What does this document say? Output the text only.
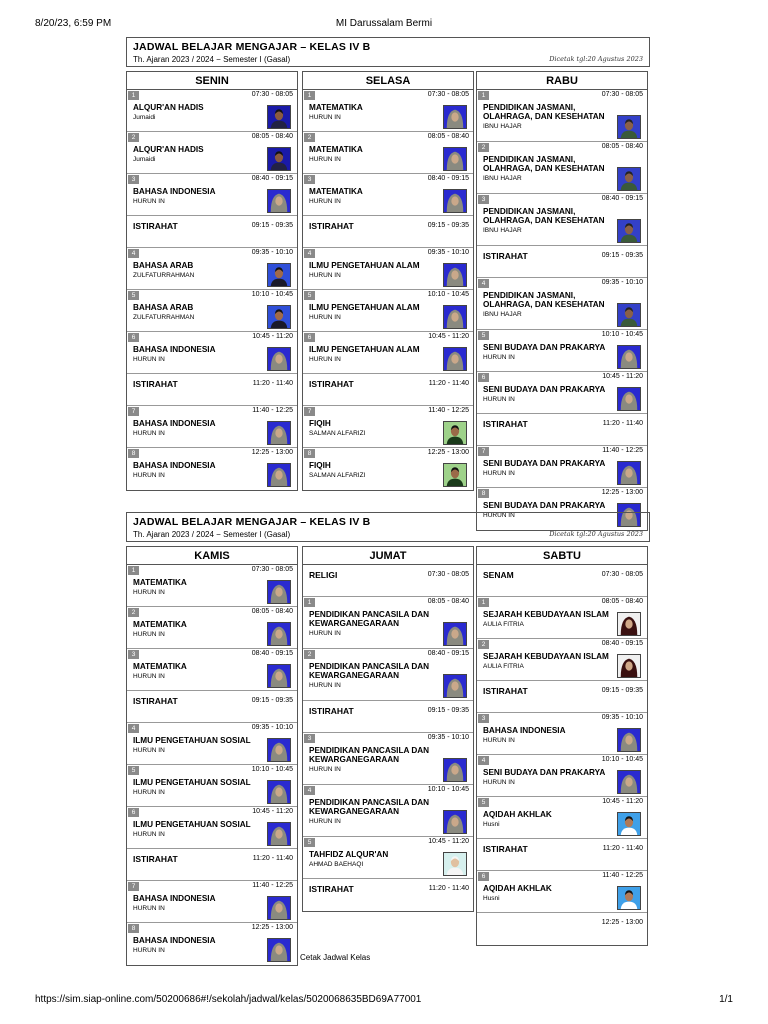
8/20/23, 6:59 PM	MI Darussalam Bermi
JADWAL BELAJAR MENGAJAR – KELAS IV B
Th. Ajaran 2023 / 2024 − Semester I (Gasal)	Dicetak tgl:20 Agustus 2023
SENIN
1	07:30 - 08:05
ALQUR'AN HADIS
Jumaidi
2	08:05 - 08:40
ALQUR'AN HADIS
Jumaidi
3	08:40 - 09:15
BAHASA INDONESIA
HURUN IN
09:15 - 09:35
ISTIRAHAT
4	09:35 - 10:10
BAHASA ARAB
ZULFATURRAHMAN
5	10:10 - 10:45
BAHASA ARAB
ZULFATURRAHMAN
6	10:45 - 11:20
BAHASA INDONESIA
HURUN IN
11:20 - 11:40
ISTIRAHAT
7	11:40 - 12:25
BAHASA INDONESIA
HURUN IN
8	12:25 - 13:00
BAHASA INDONESIA
HURUN IN
SELASA
1	07:30 - 08:05
MATEMATIKA
HURUN IN
2	08:05 - 08:40
MATEMATIKA
HURUN IN
3	08:40 - 09:15
MATEMATIKA
HURUN IN
09:15 - 09:35
ISTIRAHAT
4	09:35 - 10:10
ILMU PENGETAHUAN ALAM
HURUN IN
5	10:10 - 10:45
ILMU PENGETAHUAN ALAM
HURUN IN
6	10:45 - 11:20
ILMU PENGETAHUAN ALAM
HURUN IN
11:20 - 11:40
ISTIRAHAT
7	11:40 - 12:25
FIQIH
SALMAN ALFARIZI
8	12:25 - 13:00
FIQIH
SALMAN ALFARIZI
RABU
1	07:30 - 08:05
PENDIDIKAN JASMANI, OLAHRAGA, DAN KESEHATAN
IBNU HAJAR
2	08:05 - 08:40
PENDIDIKAN JASMANI, OLAHRAGA, DAN KESEHATAN
IBNU HAJAR
3	08:40 - 09:15
PENDIDIKAN JASMANI, OLAHRAGA, DAN KESEHATAN
IBNU HAJAR
09:15 - 09:35
ISTIRAHAT
4	09:35 - 10:10
PENDIDIKAN JASMANI, OLAHRAGA, DAN KESEHATAN
IBNU HAJAR
5	10:10 - 10:45
SENI BUDAYA DAN PRAKARYA
HURUN IN
6	10:45 - 11:20
SENI BUDAYA DAN PRAKARYA
HURUN IN
11:20 - 11:40
ISTIRAHAT
7	11:40 - 12:25
SENI BUDAYA DAN PRAKARYA
HURUN IN
8	12:25 - 13:00
SENI BUDAYA DAN PRAKARYA
HURUN IN
JADWAL BELAJAR MENGAJAR – KELAS IV B
Th. Ajaran 2023 / 2024 − Semester I (Gasal)	Dicetak tgl:20 Agustus 2023
KAMIS
1	07:30 - 08:05
MATEMATIKA
HURUN IN
2	08:05 - 08:40
MATEMATIKA
HURUN IN
3	08:40 - 09:15
MATEMATIKA
HURUN IN
09:15 - 09:35
ISTIRAHAT
4	09:35 - 10:10
ILMU PENGETAHUAN SOSIAL
HURUN IN
5	10:10 - 10:45
ILMU PENGETAHUAN SOSIAL
HURUN IN
6	10:45 - 11:20
ILMU PENGETAHUAN SOSIAL
HURUN IN
11:20 - 11:40
ISTIRAHAT
7	11:40 - 12:25
BAHASA INDONESIA
HURUN IN
8	12:25 - 13:00
BAHASA INDONESIA
HURUN IN
JUMAT
07:30 - 08:05
RELIGI
1	08:05 - 08:40
PENDIDIKAN PANCASILA DAN KEWARGANEGARAAN
HURUN IN
2	08:40 - 09:15
PENDIDIKAN PANCASILA DAN KEWARGANEGARAAN
HURUN IN
09:15 - 09:35
ISTIRAHAT
3	09:35 - 10:10
PENDIDIKAN PANCASILA DAN KEWARGANEGARAAN
HURUN IN
4	10:10 - 10:45
PENDIDIKAN PANCASILA DAN KEWARGANEGARAAN
HURUN IN
5	10:45 - 11:20
TAHFIDZ ALQUR'AN
AHMAD BAEHAQI
11:20 - 11:40
ISTIRAHAT
SABTU
07:30 - 08:05
SENAM
1	08:05 - 08:40
SEJARAH KEBUDAYAAN ISLAM
AULIA FITRIA
2	08:40 - 09:15
SEJARAH KEBUDAYAAN ISLAM
AULIA FITRIA
09:15 - 09:35
ISTIRAHAT
3	09:35 - 10:10
BAHASA INDONESIA
HURUN IN
4	10:10 - 10:45
SENI BUDAYA DAN PRAKARYA
HURUN IN
5	10:45 - 11:20
AQIDAH AKHLAK
Husni
11:20 - 11:40
ISTIRAHAT
6	11:40 - 12:25
AQIDAH AKHLAK
Husni
12:25 - 13:00
Cetak Jadwal Kelas
https://sim.siap-online.com/50200686#!/sekolah/jadwal/kelas/5020068635BD69A77001	1/1
